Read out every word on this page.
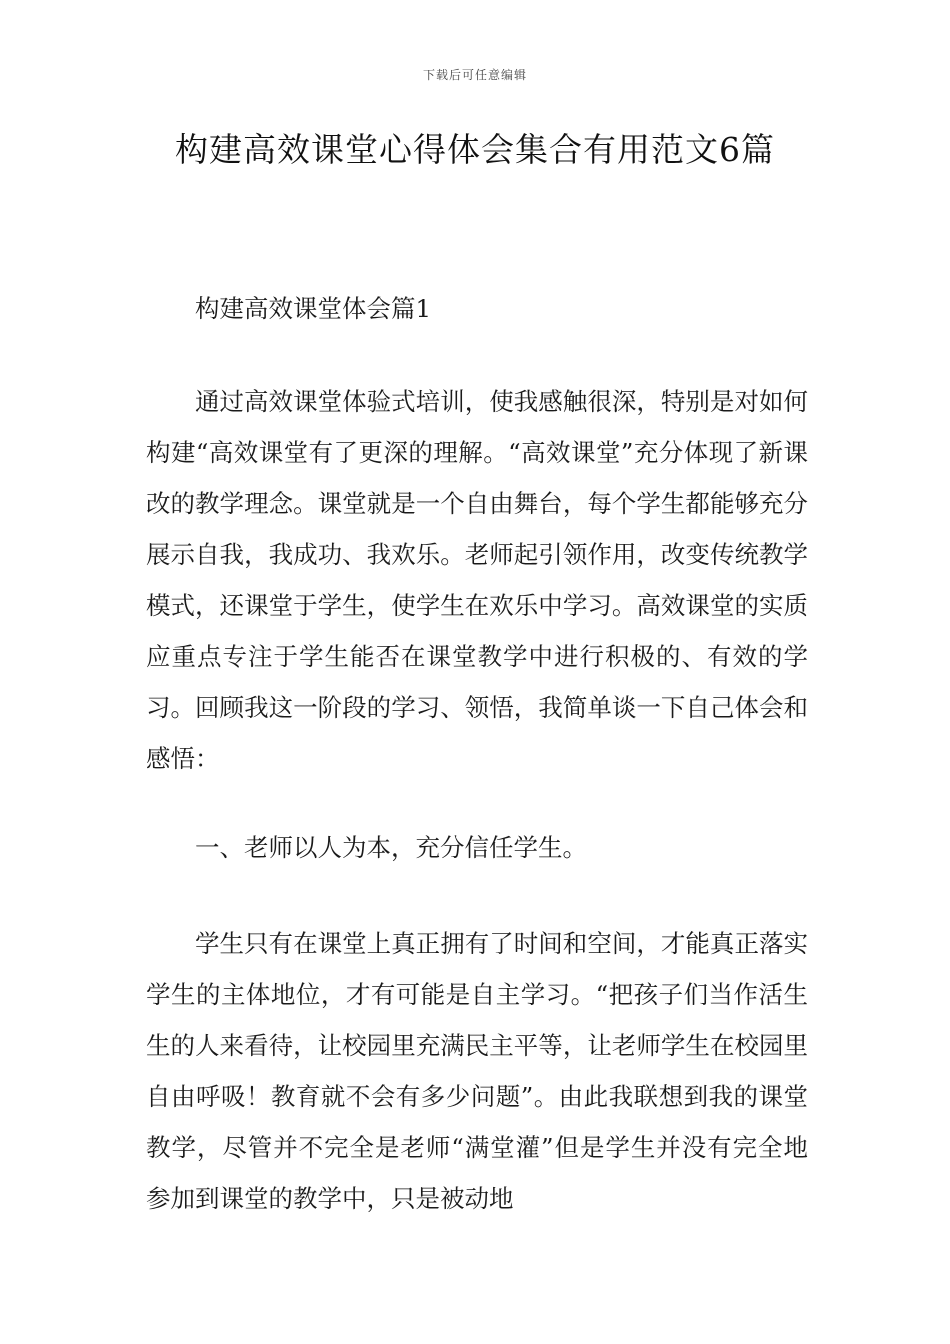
下载后可任意编辑
构建高效课堂心得体会集合有用范文6篇

构建高效课堂体会篇1

通过高效课堂体验式培训，使我感触很深，特别是对如何构建“高效课堂有了更深的理解。“高效课堂”充分体现了新课改的教学理念。课堂就是一个自由舞台，每个学生都能够充分展示自我，我成功、我欢乐。老师起引领作用，改变传统教学模式，还课堂于学生，使学生在欢乐中学习。高效课堂的实质应重点专注于学生能否在课堂教学中进行积极的、有效的学习。回顾我这一阶段的学习、领悟，我简单谈一下自己体会和感悟：

一、老师以人为本，充分信任学生。

学生只有在课堂上真正拥有了时间和空间，才能真正落实学生的主体地位，才有可能是自主学习。“把孩子们当作活生生的人来看待，让校园里充满民主平等，让老师学生在校园里自由呼吸！教育就不会有多少问题”。由此我联想到我的课堂教学，尽管并不完全是老师“满堂灌”但是学生并没有完全地参加到课堂的教学中，只是被动地
